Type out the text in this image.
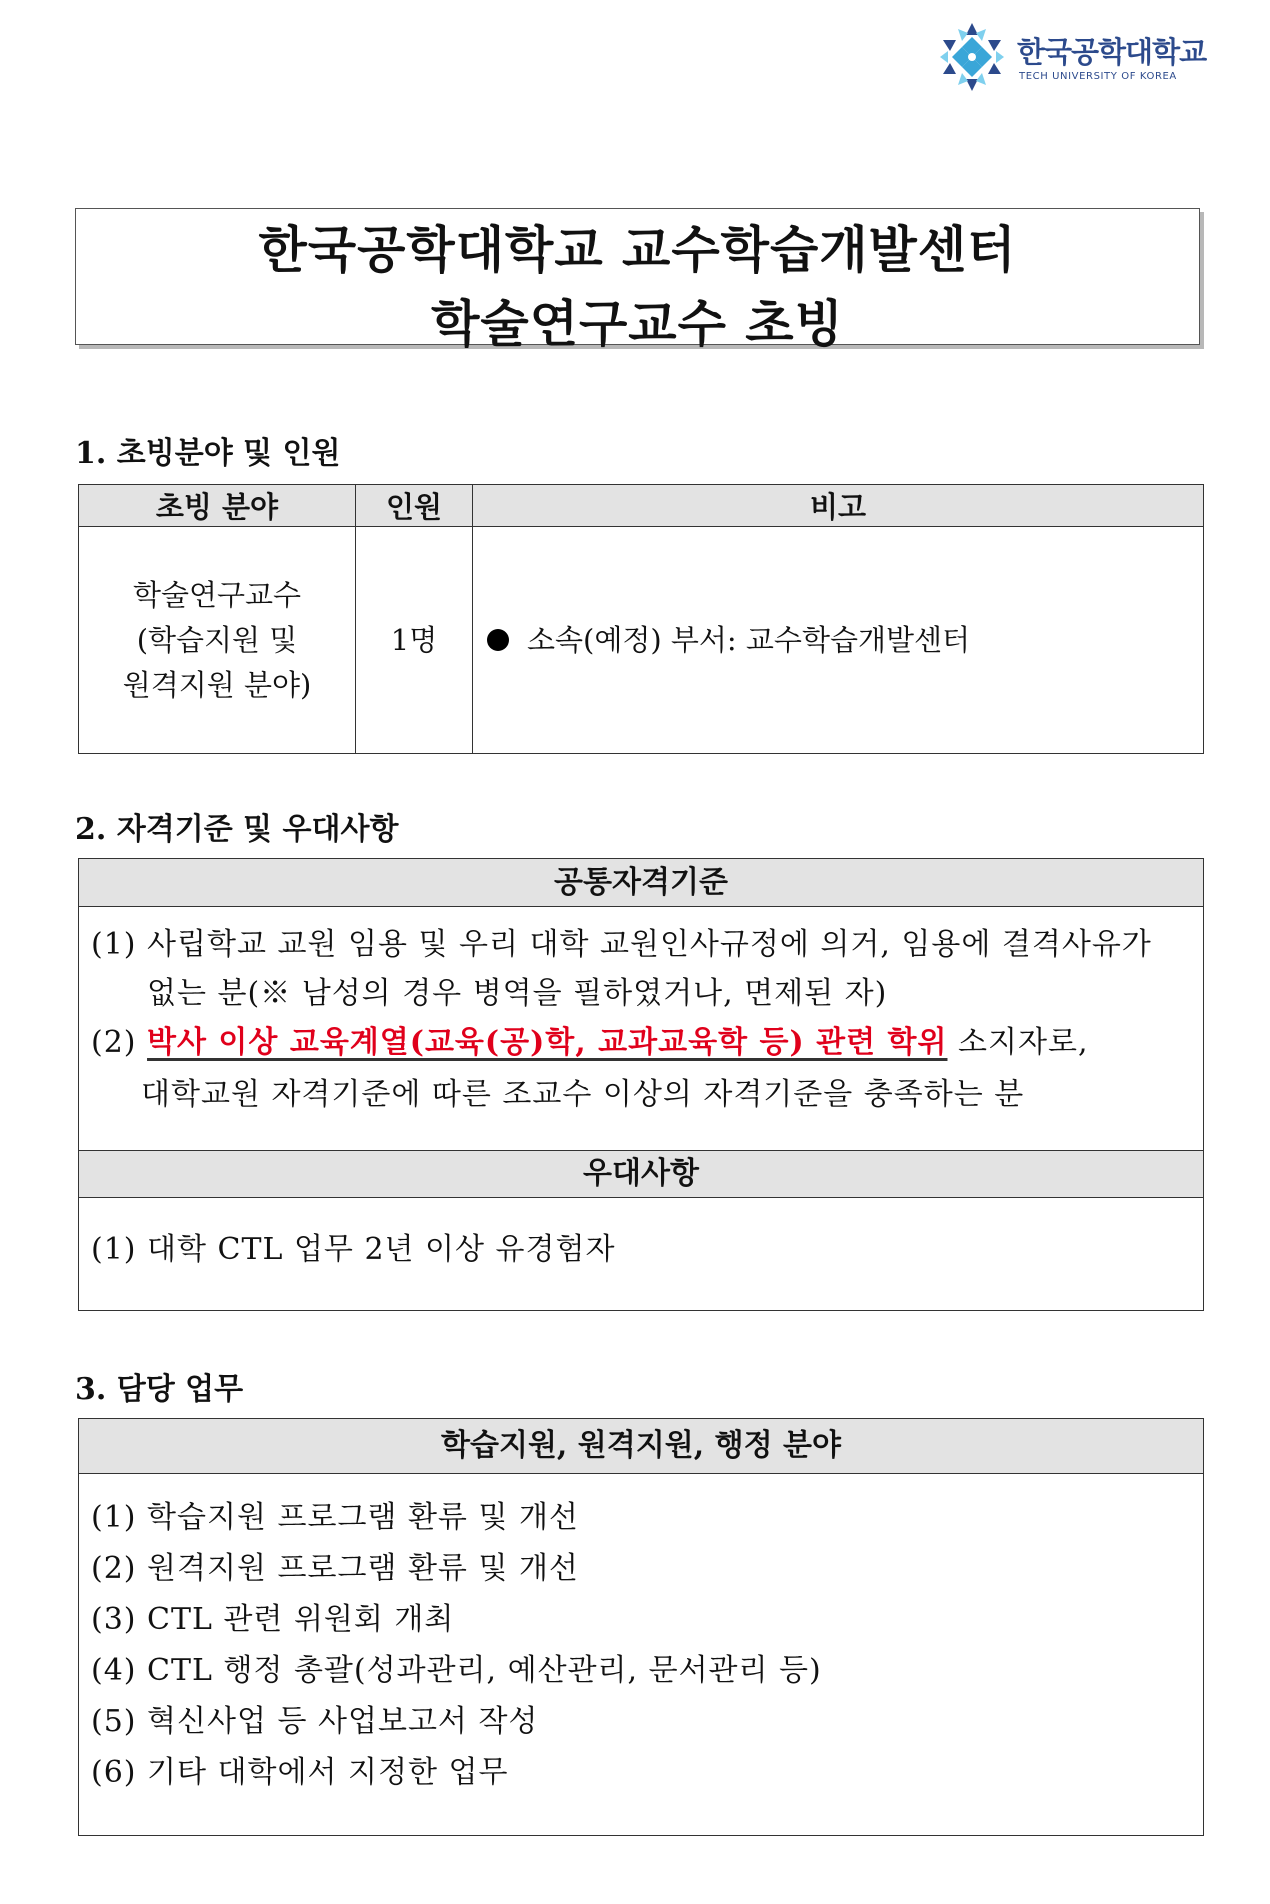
한국공학대학교
TECH UNIVERSITY OF KOREA
한국공학대학교 교수학습개발센터
학술연구교수 초빙
1. 초빙분야 및 인원
초빙 분야	인원	비고

학술연구교수
(학습지원 및
원격지원 분야)	1명	소속(예정) 부서: 교수학습개발센터
2. 자격기준 및 우대사항
공통자격기준
(1) 사립학교 교원 임용 및 우리 대학 교원인사규정에 의거, 임용에 결격사유가
없는 분(※ 남성의 경우 병역을 필하였거나, 면제된 자)
(2) 박사 이상 교육계열(교육(공)학, 교과교육학 등) 관련 학위 소지자로,
대학교원 자격기준에 따른 조교수 이상의 자격기준을 충족하는 분
우대사항
(1) 대학 CTL 업무 2년 이상 유경험자
3. 담당 업무
학습지원, 원격지원, 행정 분야
(1) 학습지원 프로그램 환류 및 개선
(2) 원격지원 프로그램 환류 및 개선
(3) CTL 관련 위원회 개최
(4) CTL 행정 총괄(성과관리, 예산관리, 문서관리 등)
(5) 혁신사업 등 사업보고서 작성
(6) 기타 대학에서 지정한 업무
